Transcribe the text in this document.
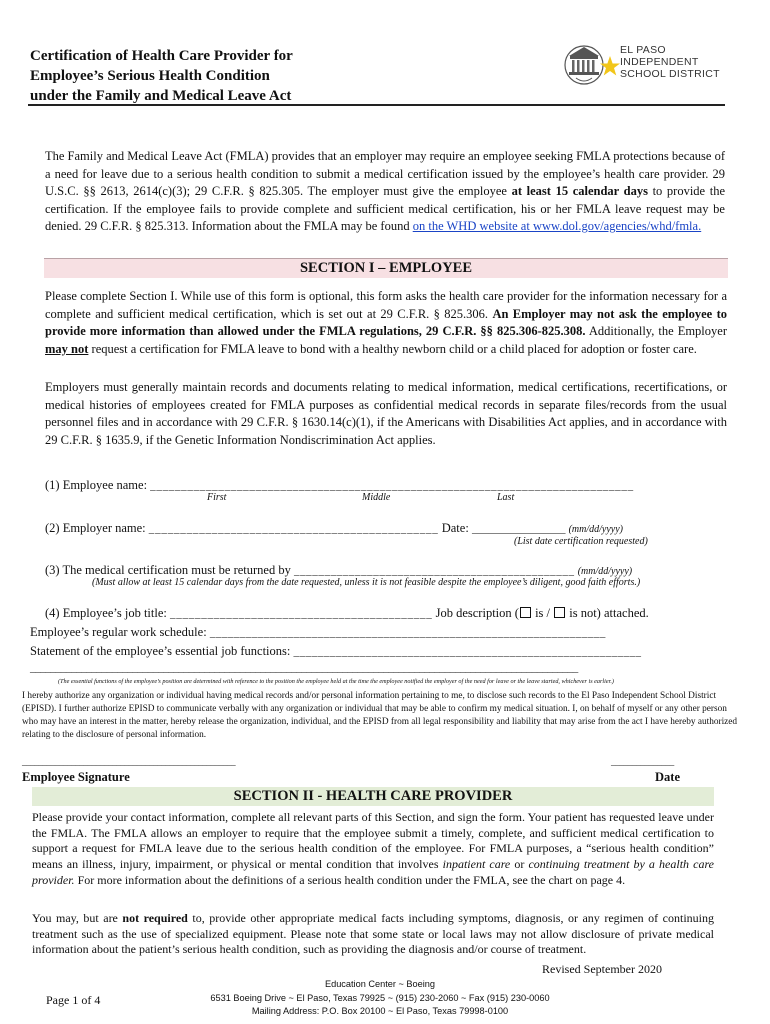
Certification of Health Care Provider for
Employee’s Serious Health Condition
under the Family and Medical Leave Act
EL PASO
INDEPENDENT
SCHOOL DISTRICT
The Family and Medical Leave Act (FMLA) provides that an employer may require an employee seeking FMLA protections because of a need for leave due to a serious health condition to submit a medical certification issued by the employee’s health care provider. 29 U.S.C. §§ 2613, 2614(c)(3); 29 C.F.R. § 825.305. The employer must give the employee at least 15 calendar days to provide the certification. If the employee fails to provide complete and sufficient medical certification, his or her FMLA leave request may be denied. 29 C.F.R. § 825.313. Information about the FMLA may be found on the WHD website at www.dol.gov/agencies/whd/fmla.
SECTION I – EMPLOYEE
Please complete Section I. While use of this form is optional, this form asks the health care provider for the information necessary for a complete and sufficient medical certification, which is set out at 29 C.F.R. § 825.306. An Employer may not ask the employee to provide more information than allowed under the FMLA regulations, 29 C.F.R. §§ 825.306-825.308. Additionally, the Employer may not request a certification for FMLA leave to bond with a healthy newborn child or a child placed for adoption or foster care.
Employers must generally maintain records and documents relating to medical information, medical certifications, recertifications, or medical histories of employees created for FMLA purposes as confidential medical records in separate files/records from the usual personnel files and in accordance with 29 C.F.R. § 1630.14(c)(1), if the Americans with Disabilities Act applies, and in accordance with 29 C.F.R. § 1635.9, if the Genetic Information Nondiscrimination Act applies.
(1) Employee name: ______________________________________________________________________________
First	Middle	Last
(2) Employer name: ______________________________________________ Date: _________________ (mm/dd/yyyy)
(List date certification requested)
(3) The medical certification must be returned by ______________________________________________ (mm/dd/yyyy)
(Must allow at least 15 calendar days from the date requested, unless it is not feasible despite the employee’s diligent, good faith efforts.)
(4) Employee’s job title: __________________________________________ Job description ( is / is not) attached.
Employee’s regular work schedule: __________________________________________________________________
Statement of the employee’s essential job functions: __________________________________________________________
___________________________________________________________________________________________________________
(The essential functions of the employee’s position are determined with reference to the position the employee held at the time the employee notified the employer of the need for leave or the leave started, whichever is earlier.)
I hereby authorize any organization or individual having medical records and/or personal information pertaining to me, to disclose such records to the El Paso Independent School District (EPISD). I further authorize EPISD to communicate verbally with any organization or individual that may be able to confirm my medical situation. I, on behalf of myself or any other person who may have an interest in the matter, hereby release the organization, individual, and the EPISD from all legal responsibility and liability that may arise from the act I have hereby authorized relating to the disclosure of personal information.
____________________________________________________	_______________
Employee Signature	Date
SECTION II - HEALTH CARE PROVIDER
Please provide your contact information, complete all relevant parts of this Section, and sign the form. Your patient has requested leave under the FMLA. The FMLA allows an employer to require that the employee submit a timely, complete, and sufficient medical certification to support a request for FMLA leave due to the serious health condition of the employee. For FMLA purposes, a “serious health condition” means an illness, injury, impairment, or physical or mental condition that involves inpatient care or continuing treatment by a health care provider. For more information about the definitions of a serious health condition under the FMLA, see the chart on page 4.
You may, but are not required to, provide other appropriate medical facts including symptoms, diagnosis, or any regimen of continuing treatment such as the use of specialized equipment. Please note that some state or local laws may not allow disclosure of private medical information about the patient’s serious health condition, such as providing the diagnosis and/or course of treatment.
Revised September 2020
Page 1 of 4
Education Center ~ Boeing
6531 Boeing Drive ~ El Paso, Texas 79925 ~ (915) 230-2060 ~ Fax (915) 230-0060
Mailing Address: P.O. Box 20100 ~ El Paso, Texas 79998-0100
